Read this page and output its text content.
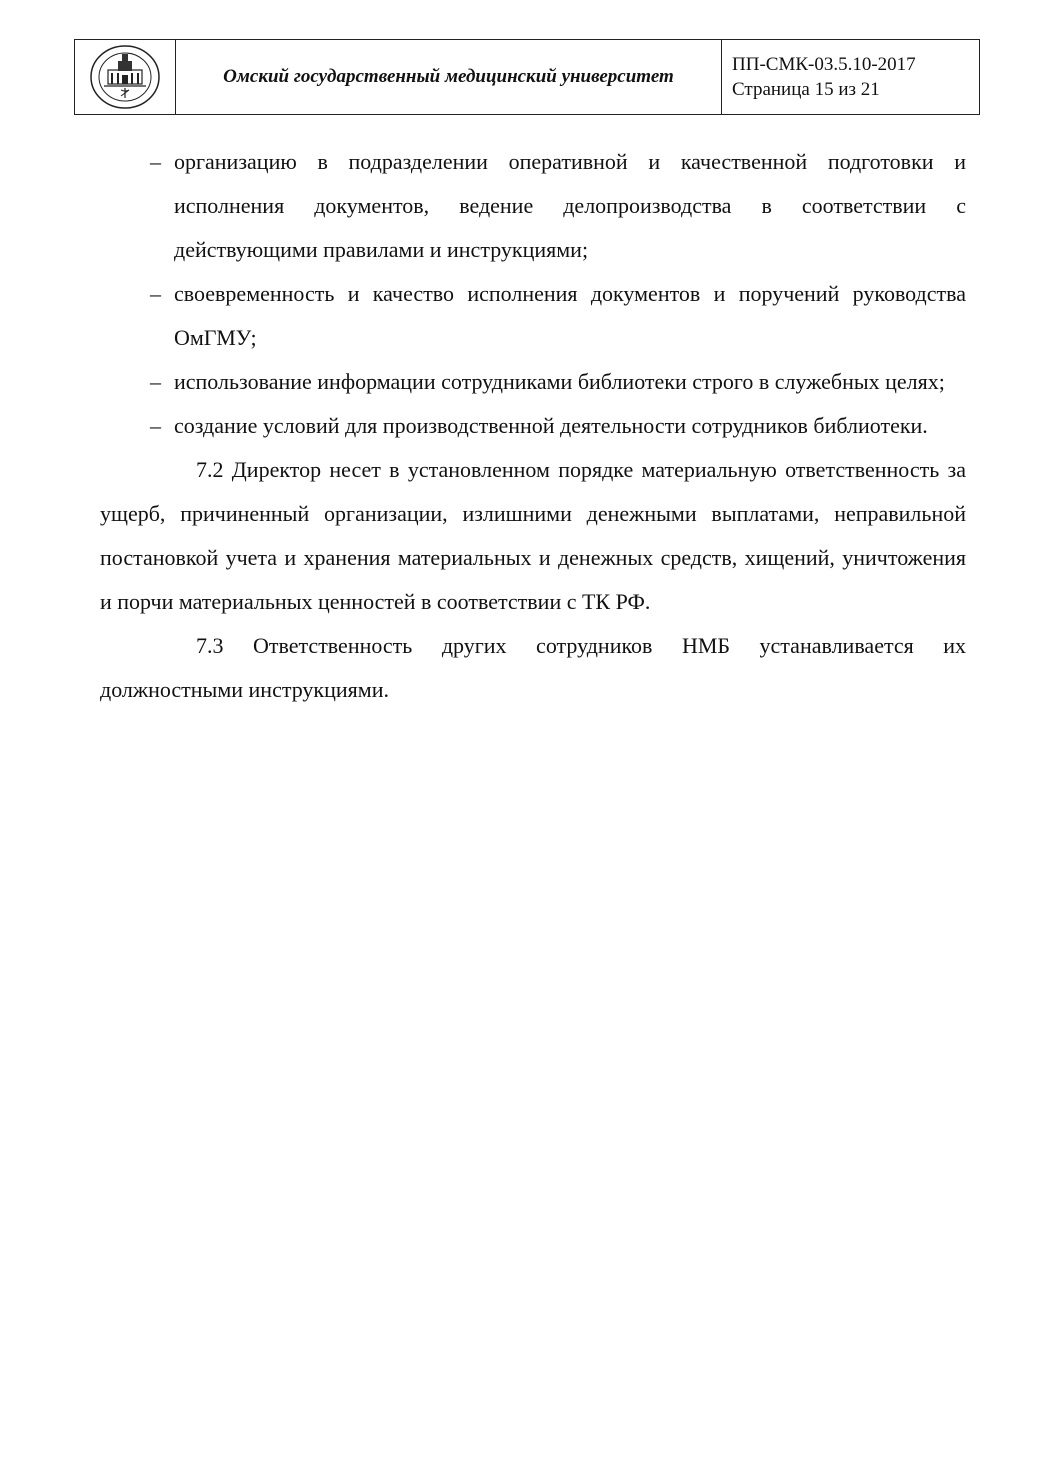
Омский государственный медицинский университет
ПП-СМК-03.5.10-2017
Страница 15 из 21

– организацию в подразделении оперативной и качественной подготовки и исполнения документов, ведение делопроизводства в соответствии с действующими правилами и инструкциями;

– своевременность и качество исполнения документов и поручений руководства ОмГМУ;

– использование информации сотрудниками библиотеки строго в служебных целях;

– создание условий для производственной деятельности сотрудников библиотеки.

7.2 Директор несет в установленном порядке материальную ответственность за ущерб, причиненный организации, излишними денежными выплатами, неправильной постановкой учета и хранения материальных и денежных средств, хищений, уничтожения и порчи материальных ценностей в соответствии с ТК РФ.

7.3 Ответственность других сотрудников НМБ устанавливается их должностными инструкциями.
